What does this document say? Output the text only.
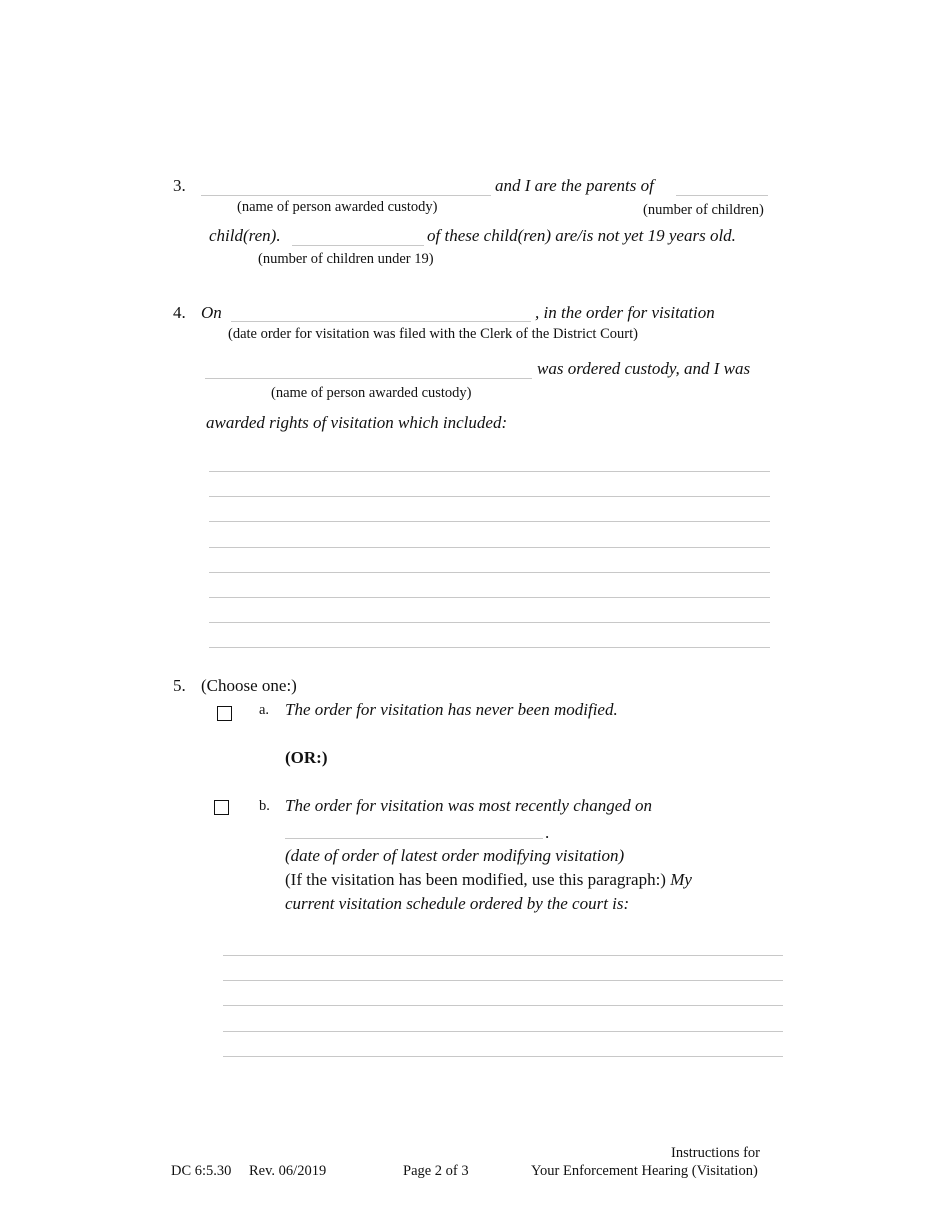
3.	and I are the parents of
(name of person awarded custody)	(number of children)
child(ren).	of these child(ren) are/is not yet 19 years old.
(number of children under 19)
4. On	, in the order for visitation
(date order for visitation was filed with the Clerk of the District Court)
was ordered custody, and I was
(name of person awarded custody)
awarded rights of visitation which included:
5. (Choose one:)
a. The order for visitation has never been modified.
(OR:)
b. The order for visitation was most recently changed on
.
(date of order of latest order modifying visitation)
(If the visitation has been modified, use this paragraph:) My
current visitation schedule ordered by the court is:
Instructions for
DC 6:5.30 Rev. 06/2019	Page 2 of 3	Your Enforcement Hearing (Visitation)
